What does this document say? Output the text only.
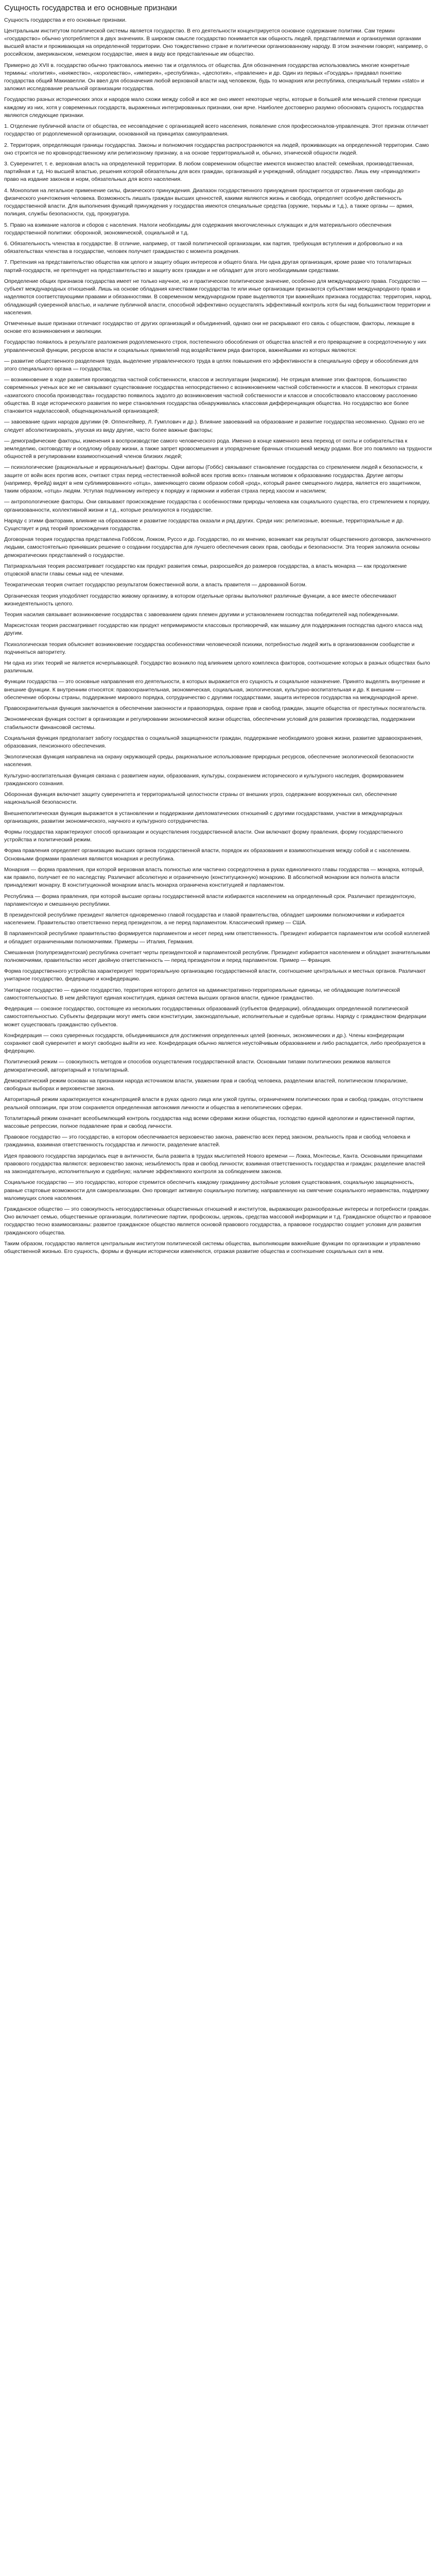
Сущность государства и его основные признаки

Сущность государства и его основные признаки.

Центральным институтом политической системы является государство. В его деятельности концентрируется основное содержание политики. Сам термин «государство» обычно употребляется в двух значениях. В широком смысле государство понимается как общность людей, представляемая и организуемая органами высшей власти и проживающая на определенной территории. Оно тождественно стране и политически организованному народу. В этом значении говорят, например, о российском, американском, немецком государстве, имея в виду все представленные им общество.

Примерно до XVII в. государство обычно трактовалось именно так и отделялось от общества. Для обозначения государства использовались многие конкретные термины: «полития», «княжество», «королевство», «империя», «республика», «деспотия», «правление» и др. Один из первых «Государь» придавал понятию государства общий Макиавелли. Он ввел для обозначения любой верховной власти над человеком, будь то монархия или республика, специальный термин «stato» и заложил исследование реальной организации государства.

Государство разных исторических эпох и народов мало схожи между собой и все же оно имеет некоторые черты, которые в большей или меньшей степени присущи каждому из них, хотя у современных государств, выраженных интегрированных признаки, они ярче. Наиболее достоверно разумно обосновать сущность государства являются следующие признаки.

1. Отделение публичной власти от общества, ее несовпадение с организацией всего населения, появление слоя профессионалов-управленцев. Этот признак отличает государство от родоплеменной организации, основанной на принципах самоуправления.

2. Территория, определяющая границы государства. Законы и полномочия государства распространяются на людей, проживающих на определенной территории. Само оно строится не по кровнородственному или религиозному признаку, а на основе территориальной и, обычно, этнической общности людей.

3. Суверенитет, т. е. верховная власть на определенной территории. В любом современном обществе имеются множество властей: семейная, производственная, партийная и т.д. Но высшей властью, решения которой обязательны для всех граждан, организаций и учреждений, обладает государство. Лишь ему «принадлежит» право на издание законов и норм, обязательных для всего населения.

4. Монополия на легальное применение силы, физического принуждения. Диапазон государственного принуждения простирается от ограничения свободы до физического уничтожения человека. Возможность лишать граждан высших ценностей, какими являются жизнь и свобода, определяет особую действенность государственной власти. Для выполнения функций принуждения у государства имеются специальные средства (оружие, тюрьмы и т.д.), а также органы — армия, полиция, службы безопасности, суд, прокуратура.

5. Право на взимание налогов и сборов с населения. Налоги необходимы для содержания многочисленных служащих и для материального обеспечения государственной политики: оборонной, экономической, социальной и т.д.

6. Обязательность членства в государстве. В отличие, например, от такой политической организации, как партия, требующая вступления и добровольно и на обязательствах членства в государстве, человек получает гражданство с момента рождения.

7. Претензия на представительство общества как целого и защиту общих интересов и общего блага. Ни одна другая организация, кроме разве что тоталитарных партий-государств, не претендует на представительство и защиту всех граждан и не обладает для этого необходимыми средствами.

Определение общих признаков государства имеет не только научное, но и практическое политическое значение, особенно для международного права. Государство — субъект международных отношений. Лишь на основе обладания качествами государства те или иные организации признаются субъектами международного права и наделяются соответствующими правами и обязанностями. В современном международном праве выделяются три важнейших признака государства: территория, народ, обладающий суверенной властью, и наличие публичной власти, способной эффективно осуществлять эффективный контроль хотя бы над большинством территории и населения.

Отмеченные выше признаки отличают государство от других организаций и объединений, однако они не раскрывают его связь с обществом, факторы, лежащие в основе его возникновения и эволюции.

Государство появилось в результате разложения родоплеменного строя, постепенного обособления от общества властей и его превращение в сосредоточенную у них управленческой функции, ресурсов власти и социальных привилегий под воздействием ряда факторов, важнейшими из которых являются:

— развитие общественного разделения труда, выделение управленческого труда в целях повышения его эффективности в специальную сферу и обособления для этого специального органа — государства;

— возникновение в ходе развития производства частной собственности, классов и эксплуатации (марксизм). Не отрицая влияние этих факторов, большинство современных ученых все же не связывают существование государства непосредственно с возникновением частной собственности и классов. В некоторых странах «азиатского способа производства» государство появилось задолго до возникновения частной собственности и классов и способствовало классовому расслоению общества. В ходе исторического развития по мере становления государства обнаруживалась классовая дифференциация общества. Но государство все более становится надклассовой, общенациональной организацией;

— завоевание одних народов другими (Ф. Оппенгеймер, Л. Гумплович и др.). Влияние завоеваний на образование и развитие государства несомненно. Однако его не следует абсолютизировать, упуская из виду другие, часто более важные факторы;

— демографические факторы, изменения в воспроизводстве самого человеческого рода. Именно в конце каменного века переход от охоты и собирательства к земледелию, скотоводству и оседлому образу жизни, а также запрет кровосмешения и упорядочение брачных отношений между родами. Все это повлияло на трудности общностей в регулировании взаимоотношений членов близких людей;

— психологические (рациональные и иррациональные) факторы. Одни авторы (Гоббс) связывают становление государства со стремлением людей к безопасности, к защите от войн всех против всех, считают страх перед «естественной войной всех против всех» главным мотивом к образованию государства. Другие авторы (например, Фрейд) видят в нем сублимированного «отца», заменяющего своим образом собой «род», который ранее смещенного лидера, является его защитником, таким образом, «отца» людям. Уступая подлинному интересу к порядку и гармонии и избегая страха перед хаосом и насилием;

— антропологические факторы. Они связывают происхождение государства с особенностями природы человека как социального существа, его стремлением к порядку, организованности, коллективной жизни и т.д., которые реализуются в государстве.

Наряду с этими факторами, влияние на образование и развитие государства оказали и ряд других. Среди них: религиозные, военные, территориальные и др. Существует и ряд теорий происхождения государства.

Договорная теория государства представлена Гоббсом, Локком, Руссо и др. Государство, по их мнению, возникает как результат общественного договора, заключенного людьми, самостоятельно принявших решение о создании государства для лучшего обеспечения своих прав, свободы и безопасности. Эта теория заложила основы демократических представлений о государстве.

Патриархальная теория рассматривает государство как продукт развития семьи, разросшейся до размеров государства, а власть монарха — как продолжение отцовской власти главы семьи над ее членами.

Теократическая теория считает государство результатом божественной воли, а власть правителя — дарованной Богом.

Органическая теория уподобляет государство живому организму, в котором отдельные органы выполняют различные функции, а все вместе обеспечивают жизнедеятельность целого.

Теория насилия связывает возникновение государства с завоеванием одних племен другими и установлением господства победителей над побежденными.

Марксистская теория рассматривает государство как продукт непримиримости классовых противоречий, как машину для поддержания господства одного класса над другим.

Психологическая теория объясняет возникновение государства особенностями человеческой психики, потребностью людей жить в организованном сообществе и подчиняться авторитету.

Ни одна из этих теорий не является исчерпывающей. Государство возникло под влиянием целого комплекса факторов, соотношение которых в разных обществах было различным.

Функции государства — это основные направления его деятельности, в которых выражается его сущность и социальное назначение. Принято выделять внутренние и внешние функции. К внутренним относятся: правоохранительная, экономическая, социальная, экологическая, культурно-воспитательная и др. К внешним — обеспечение обороны страны, поддержание мирового порядка, сотрудничество с другими государствами, защита интересов государства на международной арене.

Правоохранительная функция заключается в обеспечении законности и правопорядка, охране прав и свобод граждан, защите общества от преступных посягательств.

Экономическая функция состоит в организации и регулировании экономической жизни общества, обеспечении условий для развития производства, поддержании стабильности финансовой системы.

Социальная функция предполагает заботу государства о социальной защищенности граждан, поддержание необходимого уровня жизни, развитие здравоохранения, образования, пенсионного обеспечения.

Экологическая функция направлена на охрану окружающей среды, рациональное использование природных ресурсов, обеспечение экологической безопасности населения.

Культурно-воспитательная функция связана с развитием науки, образования, культуры, сохранением исторического и культурного наследия, формированием гражданского сознания.

Оборонная функция включает защиту суверенитета и территориальной целостности страны от внешних угроз, содержание вооруженных сил, обеспечение национальной безопасности.

Внешнеполитическая функция выражается в установлении и поддержании дипломатических отношений с другими государствами, участии в международных организациях, развитии экономического, научного и культурного сотрудничества.

Формы государства характеризуют способ организации и осуществления государственной власти. Они включают форму правления, форму государственного устройства и политический режим.

Форма правления определяет организацию высших органов государственной власти, порядок их образования и взаимоотношения между собой и с населением. Основными формами правления являются монархия и республика.

Монархия — форма правления, при которой верховная власть полностью или частично сосредоточена в руках единоличного главы государства — монарха, который, как правило, получает ее по наследству. Различают абсолютную и ограниченную (конституционную) монархию. В абсолютной монархии вся полнота власти принадлежит монарху. В конституционной монархии власть монарха ограничена конституцией и парламентом.

Республика — форма правления, при которой высшие органы государственной власти избираются населением на определенный срок. Различают президентскую, парламентскую и смешанную республики.

В президентской республике президент является одновременно главой государства и главой правительства, обладает широкими полномочиями и избирается населением. Правительство ответственно перед президентом, а не перед парламентом. Классический пример — США.

В парламентской республике правительство формируется парламентом и несет перед ним ответственность. Президент избирается парламентом или особой коллегией и обладает ограниченными полномочиями. Примеры — Италия, Германия.

Смешанная (полупрезидентская) республика сочетает черты президентской и парламентской республик. Президент избирается населением и обладает значительными полномочиями, правительство несет двойную ответственность — перед президентом и перед парламентом. Пример — Франция.

Форма государственного устройства характеризует территориальную организацию государственной власти, соотношение центральных и местных органов. Различают унитарное государство, федерацию и конфедерацию.

Унитарное государство — единое государство, территория которого делится на административно-территориальные единицы, не обладающие политической самостоятельностью. В нем действуют единая конституция, единая система высших органов власти, единое гражданство.

Федерация — союзное государство, состоящее из нескольких государственных образований (субъектов федерации), обладающих определенной политической самостоятельностью. Субъекты федерации могут иметь свои конституции, законодательные, исполнительные и судебные органы. Наряду с гражданством федерации может существовать гражданство субъектов.

Конфедерация — союз суверенных государств, объединившихся для достижения определенных целей (военных, экономических и др.). Члены конфедерации сохраняют свой суверенитет и могут свободно выйти из нее. Конфедерация обычно является неустойчивым образованием и либо распадается, либо преобразуется в федерацию.

Политический режим — совокупность методов и способов осуществления государственной власти. Основными типами политических режимов являются демократический, авторитарный и тоталитарный.

Демократический режим основан на признании народа источником власти, уважении прав и свобод человека, разделении властей, политическом плюрализме, свободных выборах и верховенстве закона.

Авторитарный режим характеризуется концентрацией власти в руках одного лица или узкой группы, ограничением политических прав и свобод граждан, отсутствием реальной оппозиции, при этом сохраняется определенная автономия личности и общества в неполитических сферах.

Тоталитарный режим означает всеобъемлющий контроль государства над всеми сферами жизни общества, господство единой идеологии и единственной партии, массовые репрессии, полное подавление прав и свобод личности.

Правовое государство — это государство, в котором обеспечивается верховенство закона, равенство всех перед законом, реальность прав и свобод человека и гражданина, взаимная ответственность государства и личности, разделение властей.

Идея правового государства зародилась еще в античности, была развита в трудах мыслителей Нового времени — Локка, Монтескье, Канта. Основными принципами правового государства являются: верховенство закона; незыблемость прав и свобод личности; взаимная ответственность государства и граждан; разделение властей на законодательную, исполнительную и судебную; наличие эффективного контроля за соблюдением законов.

Социальное государство — это государство, которое стремится обеспечить каждому гражданину достойные условия существования, социальную защищенность, равные стартовые возможности для самореализации. Оно проводит активную социальную политику, направленную на смягчение социального неравенства, поддержку малоимущих слоев населения.

Гражданское общество — это совокупность негосударственных общественных отношений и институтов, выражающих разнообразные интересы и потребности граждан. Оно включает семью, общественные организации, политические партии, профсоюзы, церковь, средства массовой информации и т.д. Гражданское общество и правовое государство тесно взаимосвязаны: развитое гражданское общество является основой правового государства, а правовое государство создает условия для развития гражданского общества.

Таким образом, государство является центральным институтом политической системы общества, выполняющим важнейшие функции по организации и управлению общественной жизнью. Его сущность, формы и функции исторически изменяются, отражая развитие общества и соотношение социальных сил в нем.
